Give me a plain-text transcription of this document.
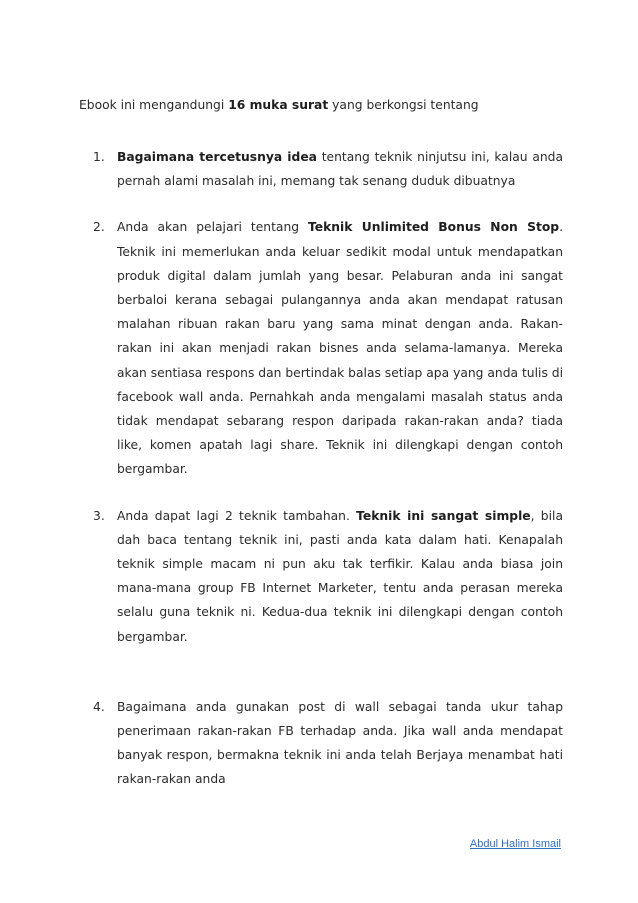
Ebook ini mengandungi 16 muka surat yang berkongsi tentang

1. Bagaimana tercetusnya idea tentang teknik ninjutsu ini, kalau anda pernah alami masalah ini, memang tak senang duduk dibuatnya

2. Anda akan pelajari tentang Teknik Unlimited Bonus Non Stop. Teknik ini memerlukan anda keluar sedikit modal untuk mendapatkan produk digital dalam jumlah yang besar. Pelaburan anda ini sangat berbaloi kerana sebagai pulangannya anda akan mendapat ratusan malahan ribuan rakan baru yang sama minat dengan anda. Rakan-rakan ini akan menjadi rakan bisnes anda selama-lamanya. Mereka akan sentiasa respons dan bertindak balas setiap apa yang anda tulis di facebook wall anda. Pernahkah anda mengalami masalah status anda tidak mendapat sebarang respon daripada rakan-rakan anda? tiada like, komen apatah lagi share. Teknik ini dilengkapi dengan contoh bergambar.

3. Anda dapat lagi 2 teknik tambahan. Teknik ini sangat simple, bila dah baca tentang teknik ini, pasti anda kata dalam hati. Kenapalah teknik simple macam ni pun aku tak terfikir. Kalau anda biasa join mana-mana group FB Internet Marketer, tentu anda perasan mereka selalu guna teknik ni. Kedua-dua teknik ini dilengkapi dengan contoh bergambar.

4. Bagaimana anda gunakan post di wall sebagai tanda ukur tahap penerimaan rakan-rakan FB terhadap anda. Jika wall anda mendapat banyak respon, bermakna teknik ini anda telah Berjaya menambat hati rakan-rakan anda

Abdul Halim Ismail
